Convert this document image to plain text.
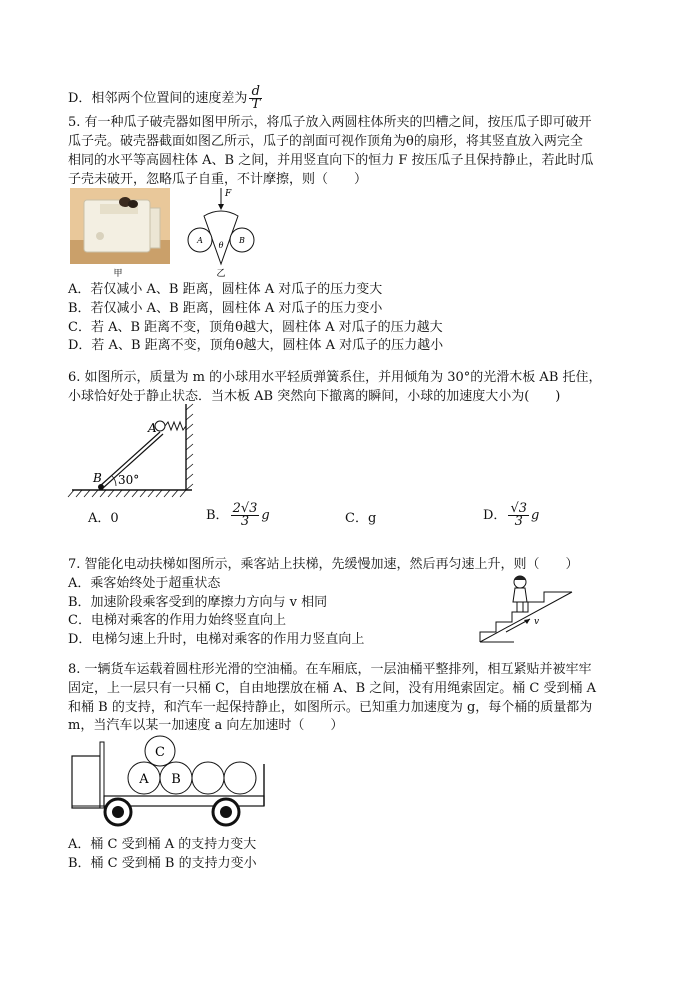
D．相邻两个位置间的速度差为 $\frac{d}{T}$
5. 有一种瓜子破壳器如图甲所示，将瓜子放入两圆柱体所夹的凹槽之间，按压瓜子即可破开
瓜子壳。破壳器截面如图乙所示，瓜子的剖面可视作顶角为θ的扇形，将其竖直放入两完全
相同的水平等高圆柱体 A、B 之间，并用竖直向下的恒力 F 按压瓜子且保持静止，若此时瓜
子壳未破开，忽略瓜子自重，不计摩擦，则（　　）
甲
F
A	B
θ
乙
A．若仅减小 A、B 距离，圆柱体 A 对瓜子的压力变大
B．若仅减小 A、B 距离，圆柱体 A 对瓜子的压力变小
C．若 A、B 距离不变，顶角θ越大，圆柱体 A 对瓜子的压力越大
D．若 A、B 距离不变，顶角θ越大，圆柱体 A 对瓜子的压力越小
6. 如图所示，质量为 m 的小球用水平轻质弹簧系住，并用倾角为 30°的光滑木板 AB 托住，
小球恰好处于静止状态．当木板 AB 突然向下撤离的瞬间，小球的加速度大小为(　　)
30°
A
B
A．0	B． $\frac{2√3}{3}$ g	C．g	D． $\frac{√3}{3}$ g
7. 智能化电动扶梯如图所示，乘客站上扶梯，先缓慢加速，然后再匀速上升，则（　　）
A．乘客始终处于超重状态
B．加速阶段乘客受到的摩擦力方向与 v 相同
C．电梯对乘客的作用力始终竖直向上
D．电梯匀速上升时，电梯对乘客的作用力竖直向上
v
8. 一辆货车运载着圆柱形光滑的空油桶。在车厢底，一层油桶平整排列，相互紧贴并被牢牢
固定，上一层只有一只桶 C，自由地摆放在桶 A、B 之间，没有用绳索固定。桶 C 受到桶 A
和桶 B 的支持，和汽车一起保持静止，如图所示。已知重力加速度为 g，每个桶的质量都为
m，当汽车以某一加速度 a 向左加速时（　　）
A B
C
A．桶 C 受到桶 A 的支持力变大
B．桶 C 受到桶 B 的支持力变小
